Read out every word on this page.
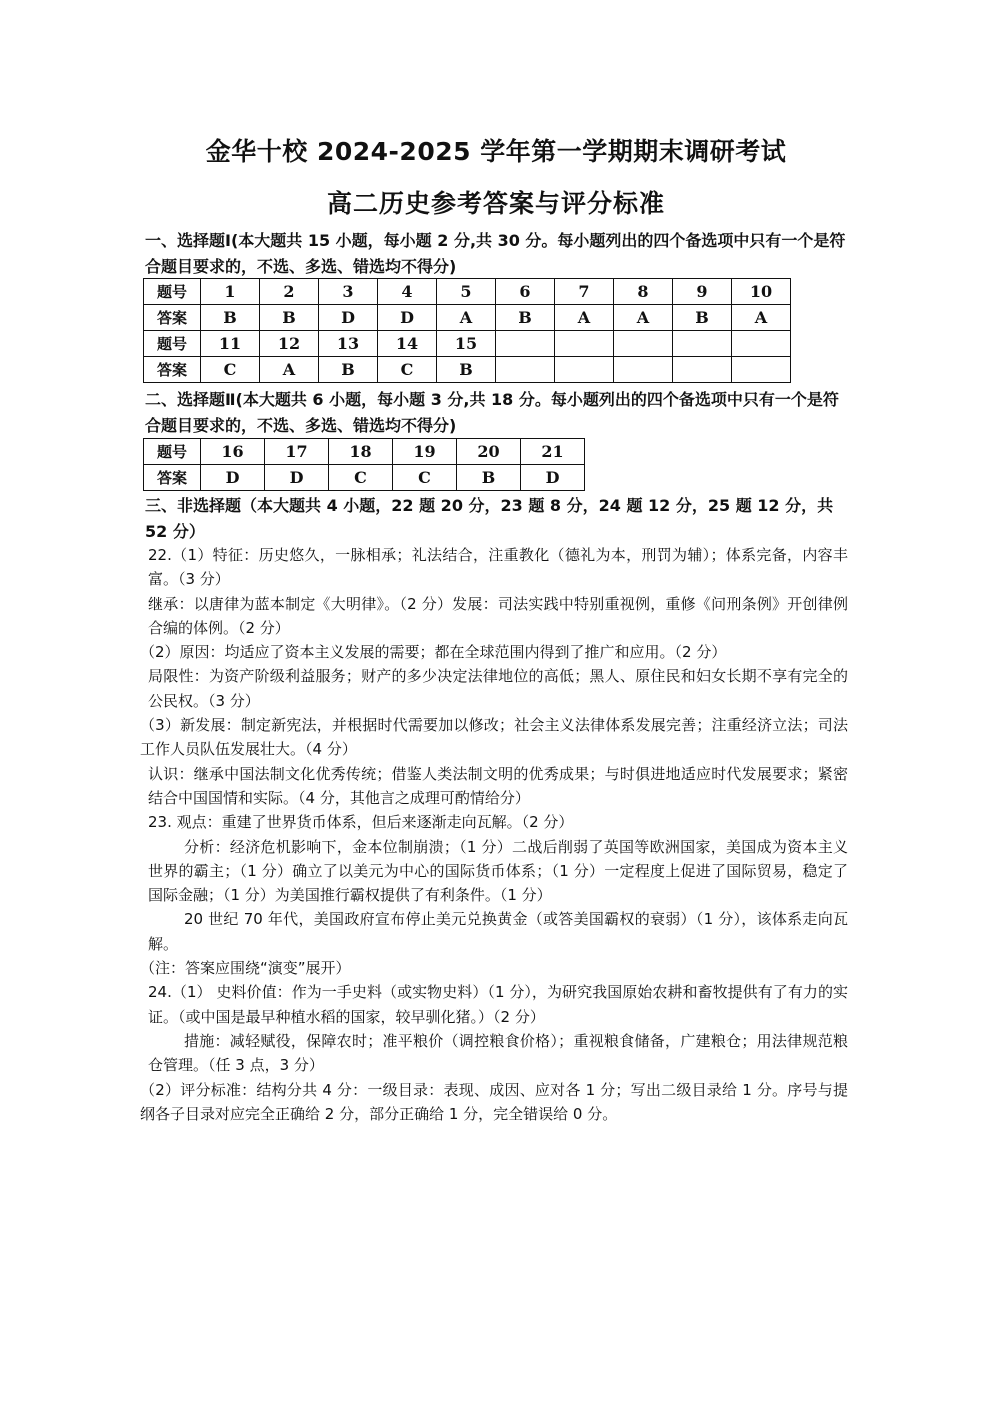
金华十校 2024-2025 学年第一学期期末调研考试
高二历史参考答案与评分标准
一、选择题Ⅰ(本大题共 15 小题，每小题 2 分,共 30 分。每小题列出的四个备选项中只有一个是符合题目要求的，不选、多选、错选均不得分)
题号	1	2	3	4	5	6	7	8	9	10
答案	B	B	D	D	A	B	A	A	B	A
题号	11	12	13	14	15					
答案	C	A	B	C	B					
二、选择题Ⅱ(本大题共 6 小题，每小题 3 分,共 18 分。每小题列出的四个备选项中只有一个是符合题目要求的，不选、多选、错选均不得分)
题号	16	17	18	19	20	21
答案	D	D	C	C	B	D
三、非选择题（本大题共 4 小题，22 题 20 分，23 题 8 分，24 题 12 分，25 题 12 分，共 52 分）

22.（1）特征：历史悠久，一脉相承；礼法结合，注重教化（德礼为本，刑罚为辅）；体系完备，内容丰富。（3 分）

继承：以唐律为蓝本制定《大明律》。（2 分）发展：司法实践中特别重视例，重修《问刑条例》开创律例合编的体例。（2 分）

（2）原因：均适应了资本主义发展的需要；都在全球范围内得到了推广和应用。（2 分）

局限性：为资产阶级利益服务；财产的多少决定法律地位的高低；黑人、原住民和妇女长期不享有完全的公民权。（3 分）

（3）新发展：制定新宪法，并根据时代需要加以修改；社会主义法律体系发展完善；注重经济立法；司法工作人员队伍发展壮大。（4 分）

认识：继承中国法制文化优秀传统；借鉴人类法制文明的优秀成果；与时俱进地适应时代发展要求；紧密结合中国国情和实际。（4 分，其他言之成理可酌情给分）

23. 观点：重建了世界货币体系，但后来逐渐走向瓦解。（2 分）

分析：经济危机影响下，金本位制崩溃；（1 分）二战后削弱了英国等欧洲国家，美国成为资本主义世界的霸主；（1 分）确立了以美元为中心的国际货币体系；（1 分）一定程度上促进了国际贸易，稳定了国际金融；（1 分）为美国推行霸权提供了有利条件。（1 分）

20 世纪 70 年代，美国政府宣布停止美元兑换黄金（或答美国霸权的衰弱）（1 分），该体系走向瓦解。

（注：答案应围绕“演变”展开）

24.（1） 史料价值：作为一手史料（或实物史料）（1 分），为研究我国原始农耕和畜牧提供有了有力的实证。（或中国是最早种植水稻的国家，较早驯化猪。）（2 分）

措施：减轻赋役，保障农时；准平粮价（调控粮食价格）；重视粮食储备，广建粮仓；用法律规范粮仓管理。（任 3 点，3 分）

（2）评分标准：结构分共 4 分：一级目录：表现、成因、应对各 1 分；写出二级目录给 1 分。序号与提纲各子目录对应完全正确给 2 分，部分正确给 1 分，完全错误给 0 分。
